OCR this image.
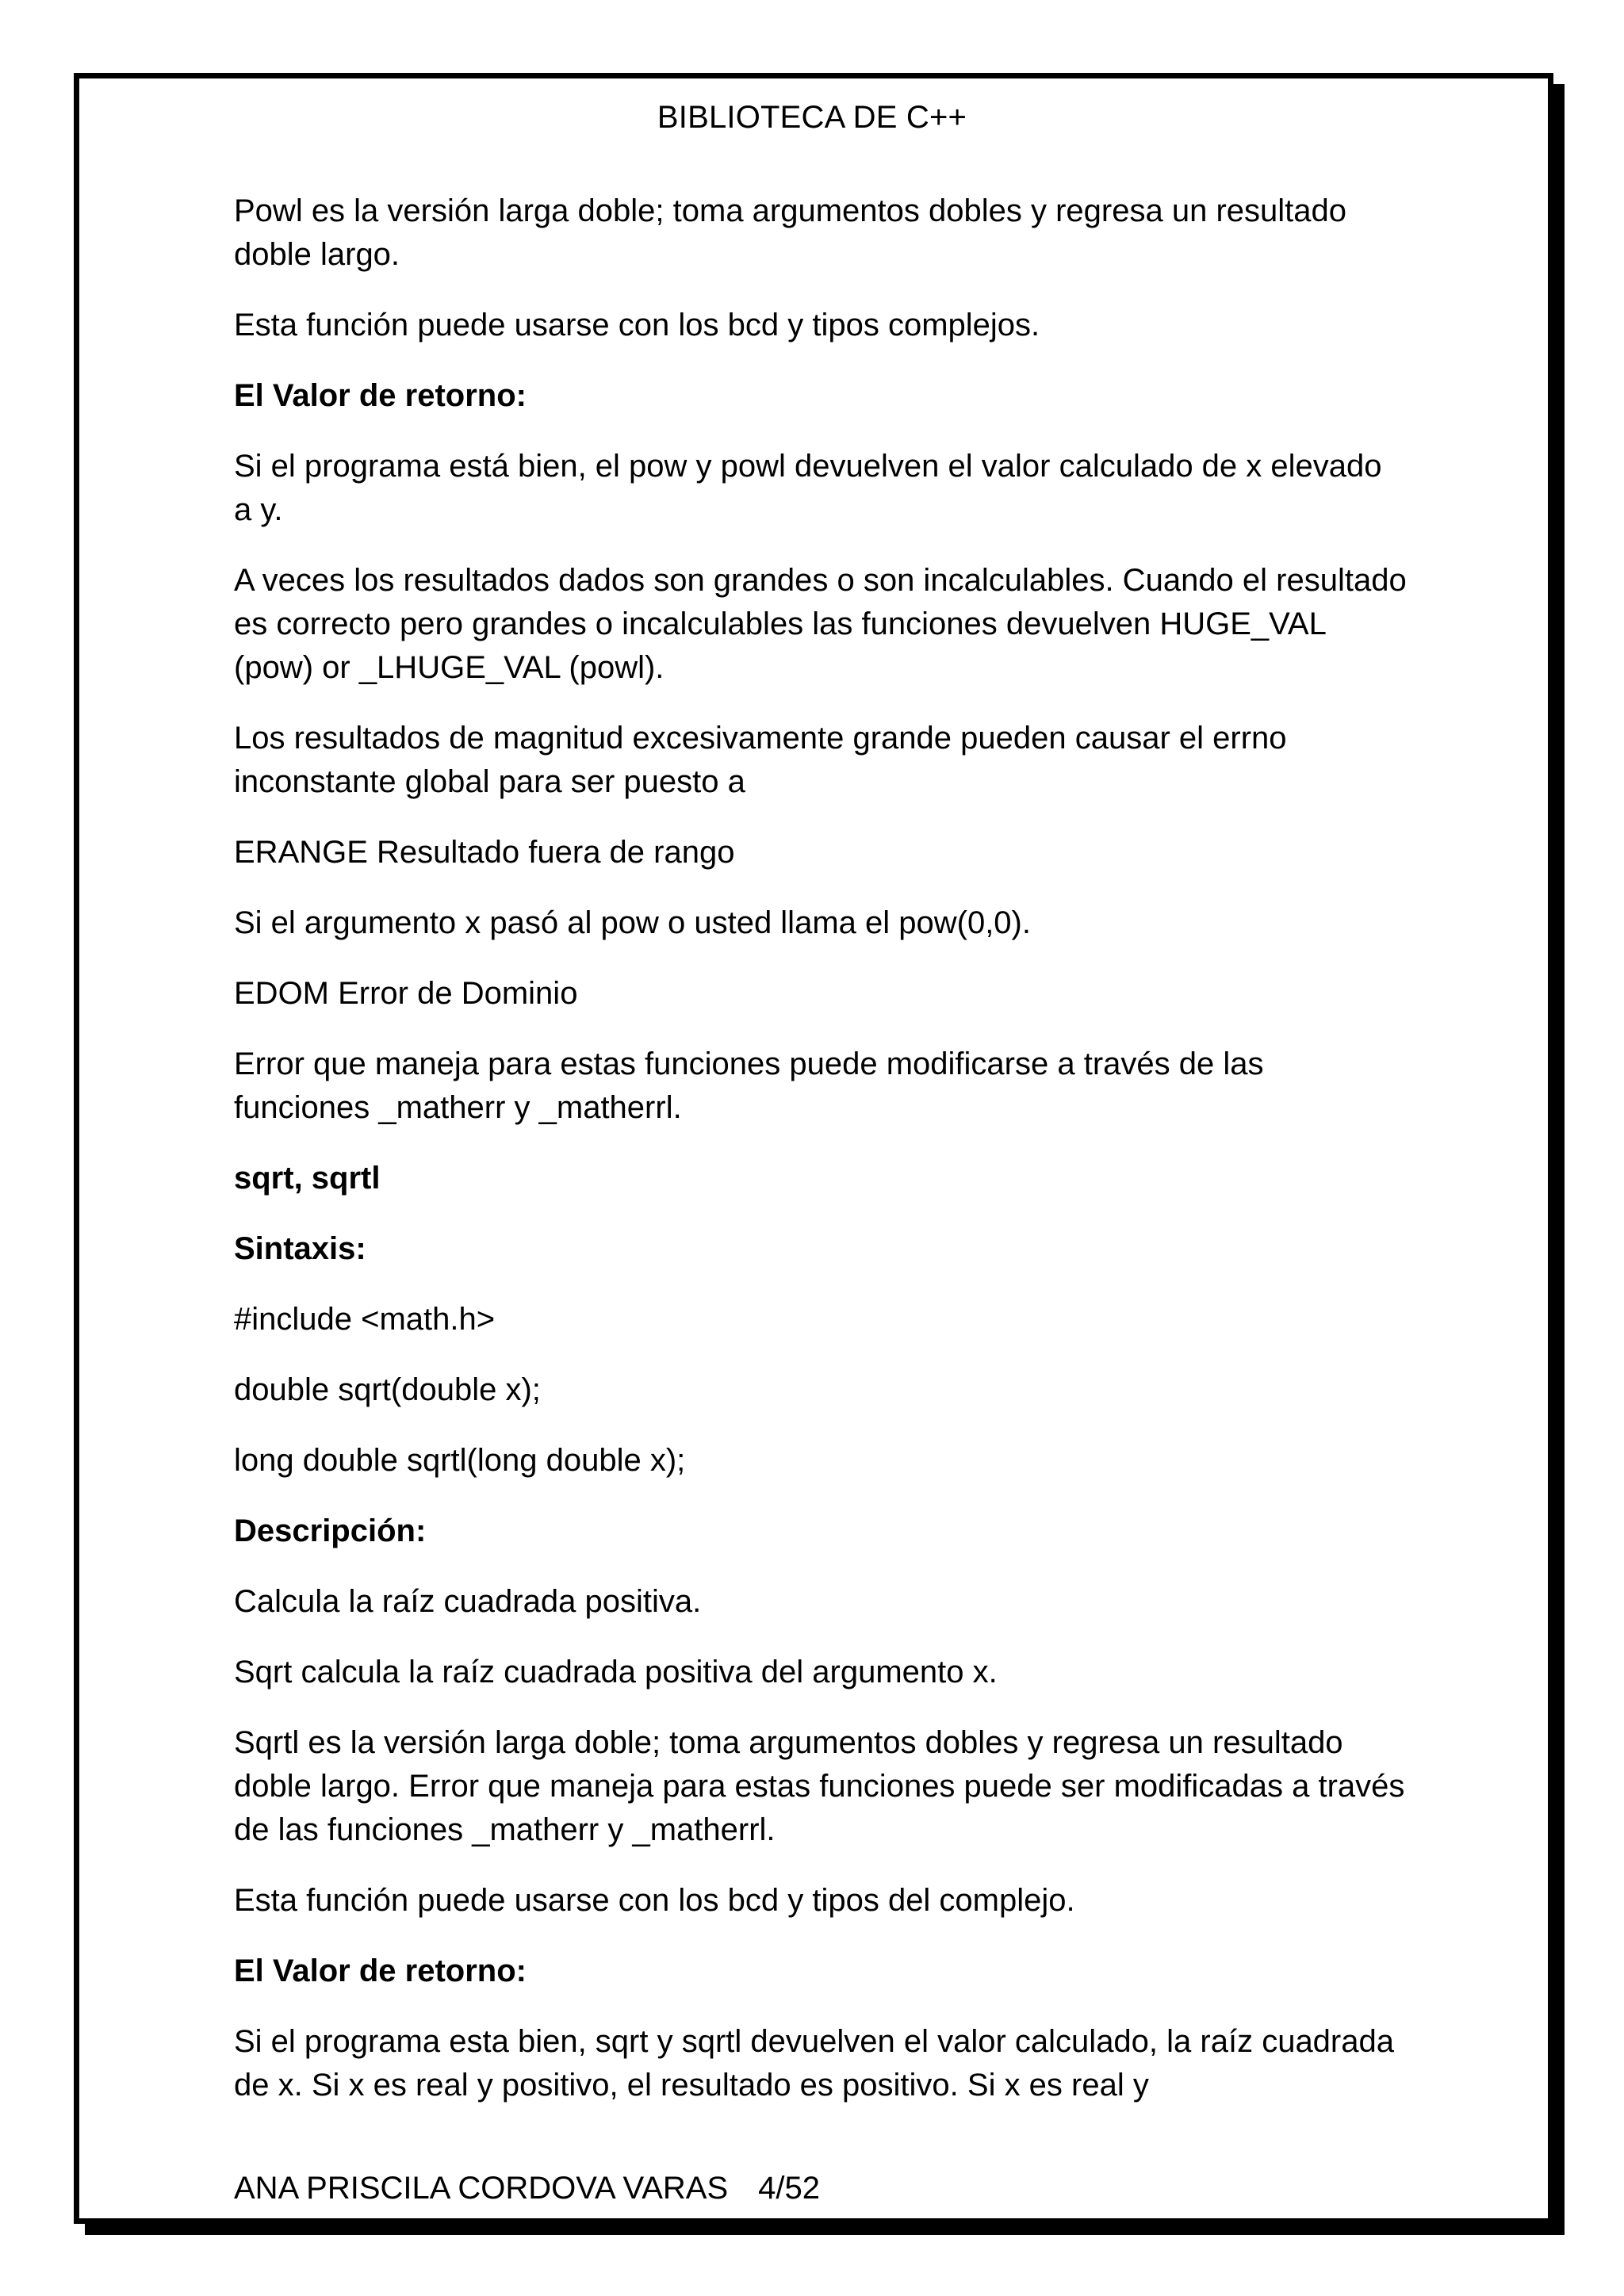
BIBLIOTECA DE C++

Powl es la versión larga doble; toma argumentos dobles y regresa un resultado doble largo.

Esta función puede usarse con los bcd y tipos complejos.

El Valor de retorno:

Si el programa está bien, el pow y powl devuelven el valor calculado de x elevado a y.

A veces los resultados dados son grandes o son incalculables. Cuando el resultado es correcto pero grandes o incalculables las funciones devuelven HUGE_VAL (pow) or _LHUGE_VAL (powl).

Los resultados de magnitud excesivamente grande pueden causar el errno inconstante global para ser puesto a

ERANGE Resultado fuera de rango

Si el argumento x pasó al pow o usted llama el pow(0,0).

EDOM Error de Dominio

Error que maneja para estas funciones puede modificarse a través de las funciones _matherr y _matherrl.

sqrt, sqrtl

Sintaxis:

#include <math.h>

double sqrt(double x);

long double sqrtl(long double x);

Descripción:

Calcula la raíz cuadrada positiva.

Sqrt calcula la raíz cuadrada positiva del argumento x.

Sqrtl es la versión larga doble; toma argumentos dobles y regresa un resultado doble largo. Error que maneja para estas funciones puede ser modificadas a través de las funciones _matherr y _matherrl.

Esta función puede usarse con los bcd y tipos del complejo.

El Valor de retorno:

Si el programa esta bien, sqrt y sqrtl devuelven el valor calculado, la raíz cuadrada de x. Si x es real y positivo, el resultado es positivo. Si x es real y

ANA PRISCILA CORDOVA VARAS 4/52
